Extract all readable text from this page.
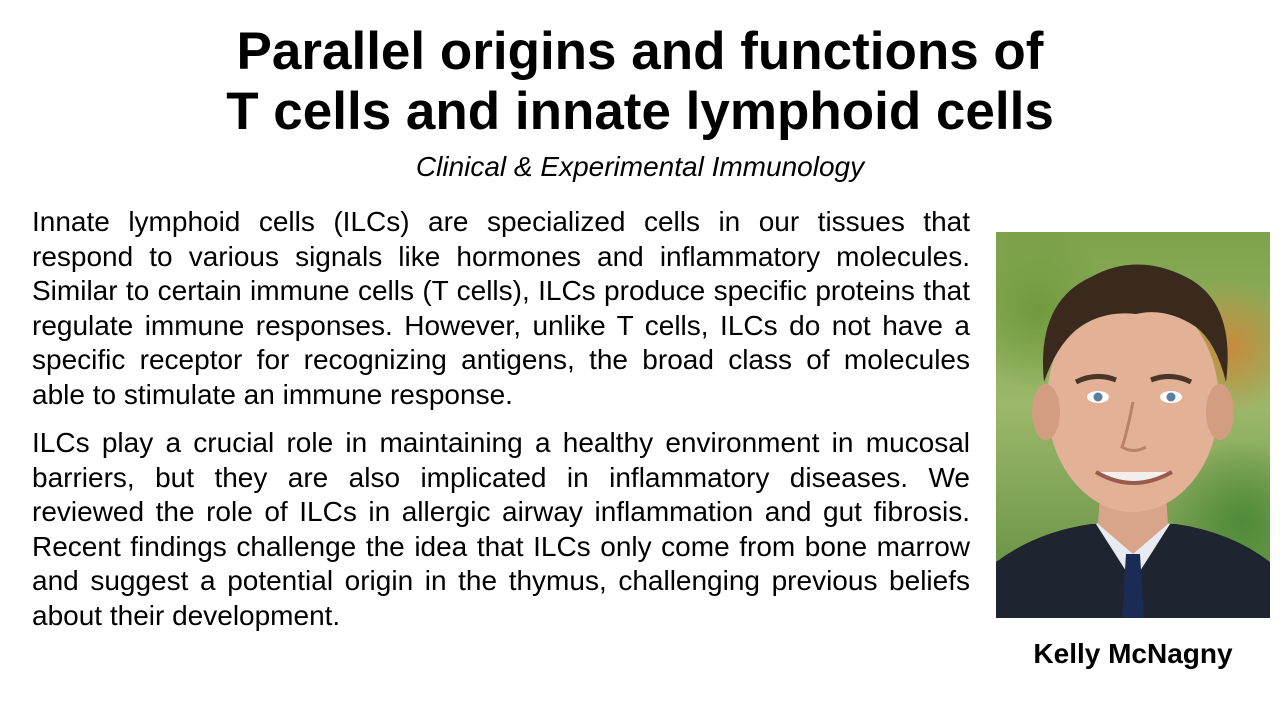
Parallel origins and functions of
T cells and innate lymphoid cells

Clinical & Experimental Immunology

Innate lymphoid cells (ILCs) are specialized cells in our tissues that respond to various signals like hormones and inflammatory molecules. Similar to certain immune cells (T cells), ILCs produce specific proteins that regulate immune responses. However, unlike T cells, ILCs do not have a specific receptor for recognizing antigens, the broad class of molecules able to stimulate an immune response.

ILCs play a crucial role in maintaining a healthy environment in mucosal barriers, but they are also implicated in inflammatory diseases. We reviewed the role of ILCs in allergic airway inflammation and gut fibrosis. Recent findings challenge the idea that ILCs only come from bone marrow and suggest a potential origin in the thymus, challenging previous beliefs about their development.

Kelly McNagny
